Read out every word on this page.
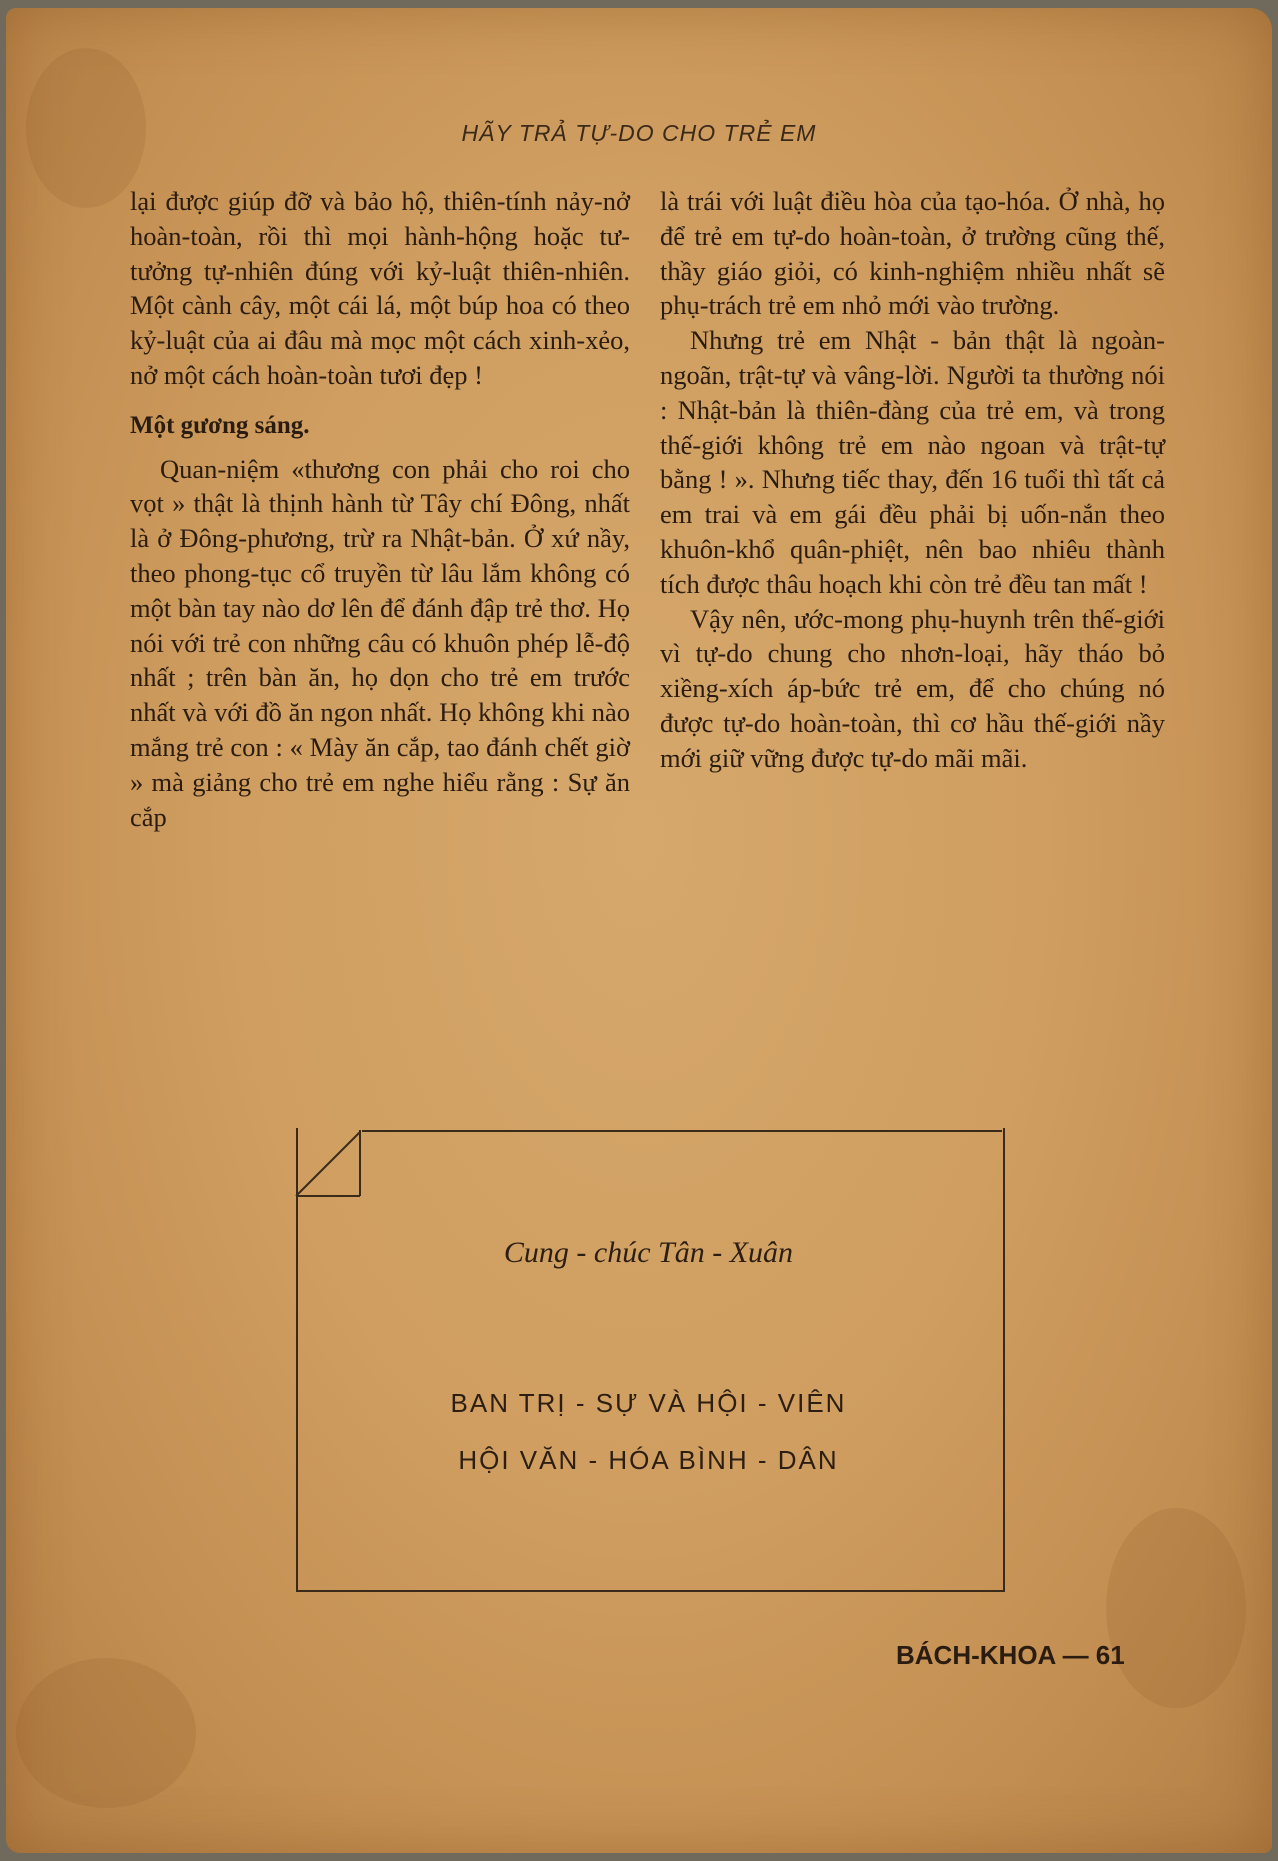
HÃY TRẢ TỰ-DO CHO TRẺ EM

lại được giúp đỡ và bảo hộ, thiên-tính nảy-nở hoàn-toàn, rồi thì mọi hành-hộng hoặc tư-tưởng tự-nhiên đúng với kỷ-luật thiên-nhiên. Một cành cây, một cái lá, một búp hoa có theo kỷ-luật của ai đâu mà mọc một cách xinh-xẻo, nở một cách hoàn-toàn tươi đẹp !

Một gương sáng.

Quan-niệm «thương con phải cho roi cho vọt » thật là thịnh hành từ Tây chí Đông, nhất là ở Đông-phương, trừ ra Nhật-bản. Ở xứ nầy, theo phong-tục cổ truyền từ lâu lắm không có một bàn tay nào dơ lên để đánh đập trẻ thơ. Họ nói với trẻ con những câu có khuôn phép lễ-độ nhất ; trên bàn ăn, họ dọn cho trẻ em trước nhất và với đồ ăn ngon nhất. Họ không khi nào mắng trẻ con : « Mày ăn cắp, tao đánh chết giờ » mà giảng cho trẻ em nghe hiểu rằng : Sự ăn cắp

là trái với luật điều hòa của tạo-hóa. Ở nhà, họ để trẻ em tự-do hoàn-toàn, ở trường cũng thế, thầy giáo giỏi, có kinh-nghiệm nhiều nhất sẽ phụ-trách trẻ em nhỏ mới vào trường.

Nhưng trẻ em Nhật - bản thật là ngoàn-ngoãn, trật-tự và vâng-lời. Người ta thường nói : Nhật-bản là thiên-đàng của trẻ em, và trong thế-giới không trẻ em nào ngoan và trật-tự bằng ! ». Nhưng tiếc thay, đến 16 tuổi thì tất cả em trai và em gái đều phải bị uốn-nắn theo khuôn-khổ quân-phiệt, nên bao nhiêu thành tích được thâu hoạch khi còn trẻ đều tan mất !

Vậy nên, ước-mong phụ-huynh trên thế-giới vì tự-do chung cho nhơn-loại, hãy tháo bỏ xiềng-xích áp-bức trẻ em, để cho chúng nó được tự-do hoàn-toàn, thì cơ hầu thế-giới nầy mới giữ vững được tự-do mãi mãi.

Cung - chúc Tân - Xuân
BAN TRỊ - SỰ VÀ HỘI - VIÊN
HỘI VĂN - HÓA BÌNH - DÂN
BÁCH-KHOA — 61
